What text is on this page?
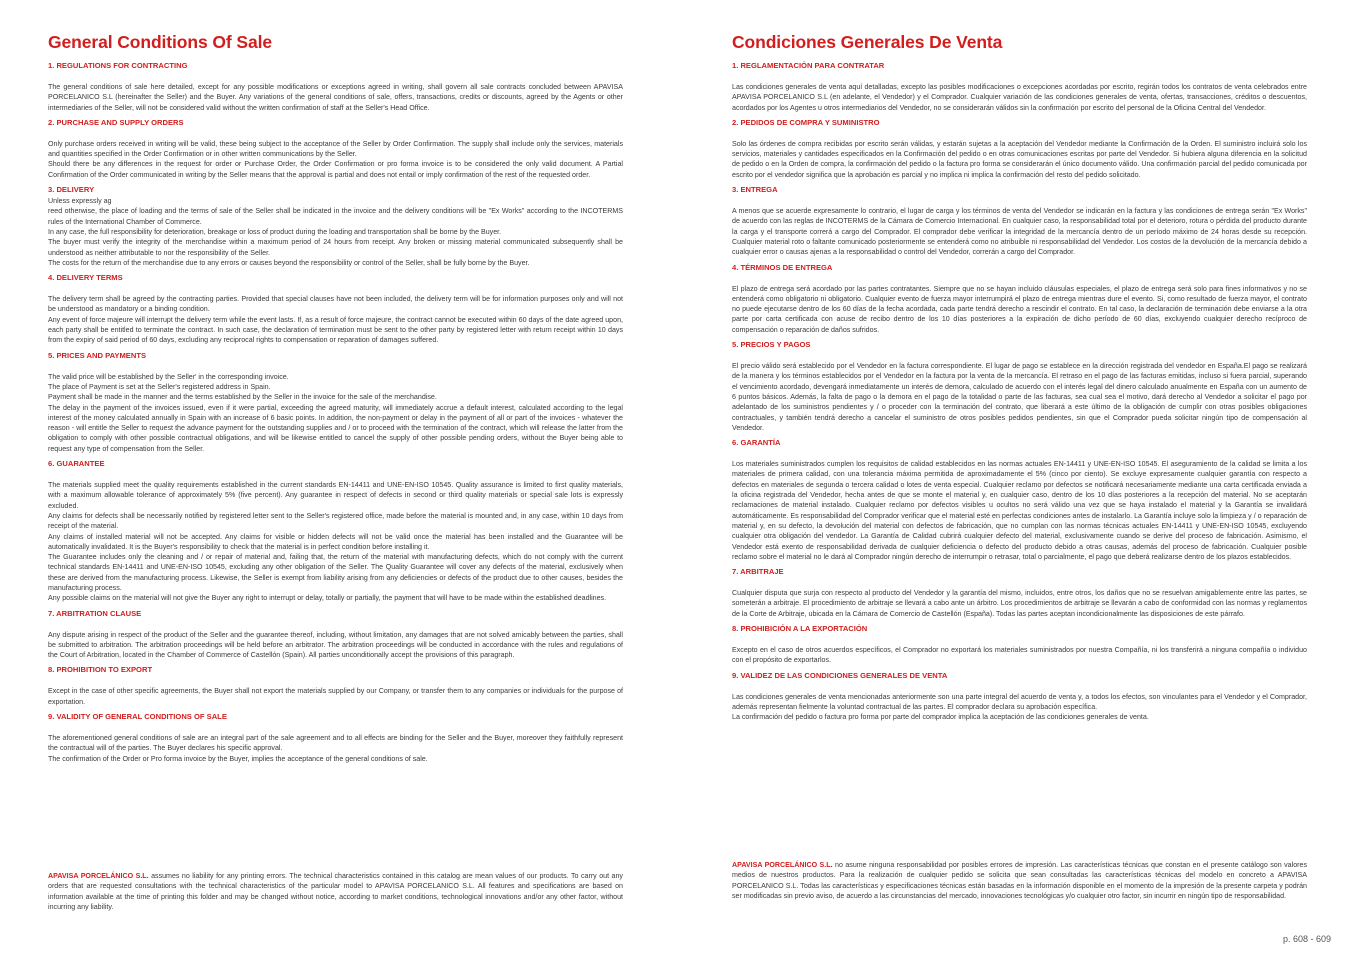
General Conditions Of Sale
1. REGULATIONS FOR CONTRACTING

The general conditions of sale here detailed, except for any possible modifications or exceptions agreed in writing, shall govern all sale contracts concluded between APAVISA PORCELANICO S.L (hereinafter the Seller) and the Buyer. Any variations of the general conditions of sale, offers, transactions, credits or discounts, agreed by the Agents or other intermediaries of the Seller, will not be considered valid without the written confirmation of staff at the Seller's Head Office.

2. PURCHASE AND SUPPLY ORDERS

Only purchase orders received in writing will be valid, these being subject to the acceptance of the Seller by Order Confirmation. The supply shall include only the services, materials and quantities specified in the Order Confirmation or in other written communications by the Seller.
Should there be any differences in the request for order or Purchase Order, the Order Confirmation or pro forma invoice is to be considered the only valid document. A Partial Confirmation of the Order communicated in writing by the Seller means that the approval is partial and does not entail or imply confirmation of the rest of the requested order.

3. DELIVERY

Unless expressly ag
reed otherwise, the place of loading and the terms of sale of the Seller shall be indicated in the invoice and the delivery conditions will be "Ex Works" according to the INCOTERMS rules of the International Chamber of Commerce.
In any case, the full responsibility for deterioration, breakage or loss of product during the loading and transportation shall be borne by the Buyer.
The buyer must verify the integrity of the merchandise within a maximum period of 24 hours from receipt. Any broken or missing material communicated subsequently shall be understood as neither attributable to nor the responsibility of the Seller.
The costs for the return of the merchandise due to any errors or causes beyond the responsibility or control of the Seller, shall be fully borne by the Buyer.

4. DELIVERY TERMS

The delivery term shall be agreed by the contracting parties. Provided that special clauses have not been included, the delivery term will be for information purposes only and will not be understood as mandatory or a binding condition.
Any event of force majeure will interrupt the delivery term while the event lasts. If, as a result of force majeure, the contract cannot be executed within 60 days of the date agreed upon, each party shall be entitled to terminate the contract. In such case, the declaration of termination must be sent to the other party by registered letter with return receipt within 10 days from the expiry of said period of 60 days, excluding any reciprocal rights to compensation or reparation of damages suffered.

5. PRICES AND PAYMENTS

The valid price will be established by the Seller' in the corresponding invoice.
The place of Payment is set at the Seller's registered address in Spain.
Payment shall be made in the manner and the terms established by the Seller in the invoice for the sale of the merchandise.
The delay in the payment of the invoices issued, even if it were partial, exceeding the agreed maturity, will immediately accrue a default interest, calculated according to the legal interest of the money calculated annually in Spain with an increase of 6 basic points. In addition, the non-payment or delay in the payment of all or part of the invoices - whatever the reason - will entitle the Seller to request the advance payment for the outstanding supplies and / or to proceed with the termination of the contract, which will release the latter from the obligation to comply with other possible contractual obligations, and will be likewise entitled to cancel the supply of other possible pending orders, without the Buyer being able to request any type of compensation from the Seller.

6. GUARANTEE

The materials supplied meet the quality requirements established in the current standards EN-14411 and UNE-EN-ISO 10545. Quality assurance is limited to first quality materials, with a maximum allowable tolerance of approximately 5% (five percent). Any guarantee in respect of defects in second or third quality materials or special sale lots is expressly excluded.
Any claims for defects shall be necessarily notified by registered letter sent to the Seller's registered office, made before the material is mounted and, in any case, within 10 days from receipt of the material.
Any claims of installed material will not be accepted. Any claims for visible or hidden defects will not be valid once the material has been installed and the Guarantee will be automatically invalidated. It is the Buyer's responsibility to check that the material is in perfect condition before installing it.
The Guarantee includes only the cleaning and / or repair of material and, failing that, the return of the material with manufacturing defects, which do not comply with the current technical standards EN-14411 and UNE-EN-ISO 10545, excluding any other obligation of the Seller. The Quality Guarantee will cover any defects of the material, exclusively when these are derived from the manufacturing process. Likewise, the Seller is exempt from liability arising from any deficiencies or defects of the product due to other causes, besides the manufacturing process.
Any possible claims on the material will not give the Buyer any right to interrupt or delay, totally or partially, the payment that will have to be made within the established deadlines.

7. ARBITRATION CLAUSE

Any dispute arising in respect of the product of the Seller and the guarantee thereof, including, without limitation, any damages that are not solved amicably between the parties, shall be submitted to arbitration. The arbitration proceedings will be held before an arbitrator. The arbitration proceedings will be conducted in accordance with the rules and regulations of the Court of Arbitration, located in the Chamber of Commerce of Castellón (Spain). All parties unconditionally accept the provisions of this paragraph.

8. PROHIBITION TO EXPORT

Except in the case of other specific agreements, the Buyer shall not export the materials supplied by our Company, or transfer them to any companies or individuals for the purpose of exportation.

9. VALIDITY OF GENERAL CONDITIONS OF SALE

The aforementioned general conditions of sale are an integral part of the sale agreement and to all effects are binding for the Seller and the Buyer, moreover they faithfully represent the contractual will of the parties. The Buyer declares his specific approval.
The confirmation of the Order or Pro forma invoice by the Buyer, implies the acceptance of the general conditions of sale.

APAVISA PORCELÁNICO S.L. assumes no liability for any printing errors. The technical characteristics contained in this catalog are mean values of our products. To carry out any orders that are requested consultations with the technical characteristics of the particular model to APAVISA PORCELANICO S.L. All features and specifications are based on information available at the time of printing this folder and may be changed without notice, according to market conditions, technological innovations and/or any other factor, without incurring any liability.
Condiciones Generales De Venta
1. REGLAMENTACIÓN PARA CONTRATAR

Las condiciones generales de venta aquí detalladas, excepto las posibles modificaciones o excepciones acordadas por escrito, regirán todos los contratos de venta celebrados entre APAVISA PORCELANICO S.L (en adelante, el Vendedor) y el Comprador. Cualquier variación de las condiciones generales de venta, ofertas, transacciones, créditos o descuentos, acordados por los Agentes u otros intermediarios del Vendedor, no se considerarán válidos sin la confirmación por escrito del personal de la Oficina Central del Vendedor.

2. PEDIDOS DE COMPRA Y SUMINISTRO

Solo las órdenes de compra recibidas por escrito serán válidas, y estarán sujetas a la aceptación del Vendedor mediante la Confirmación de la Orden. El suministro incluirá solo los servicios, materiales y cantidades especificados en la Confirmación del pedido o en otras comunicaciones escritas por parte del Vendedor. Si hubiera alguna diferencia en la solicitud de pedido o en la Orden de compra, la confirmación del pedido o la factura pro forma se considerarán el único documento válido. Una confirmación parcial del pedido comunicada por escrito por el vendedor significa que la aprobación es parcial y no implica ni implica la confirmación del resto del pedido solicitado.

3. ENTREGA

A menos que se acuerde expresamente lo contrario, el lugar de carga y los términos de venta del Vendedor se indicarán en la factura y las condiciones de entrega serán "Ex Works" de acuerdo con las reglas de INCOTERMS de la Cámara de Comercio Internacional. En cualquier caso, la responsabilidad total por el deterioro, rotura o pérdida del producto durante la carga y el transporte correrá a cargo del Comprador. El comprador debe verificar la integridad de la mercancía dentro de un período máximo de 24 horas desde su recepción. Cualquier material roto o faltante comunicado posteriormente se entenderá como no atribuible ni responsabilidad del Vendedor. Los costos de la devolución de la mercancía debido a cualquier error o causas ajenas a la responsabilidad o control del Vendedor, correrán a cargo del Comprador.

4. TÉRMINOS DE ENTREGA

El plazo de entrega será acordado por las partes contratantes. Siempre que no se hayan incluido cláusulas especiales, el plazo de entrega será solo para fines informativos y no se entenderá como obligatorio ni obligatorio. Cualquier evento de fuerza mayor interrumpirá el plazo de entrega mientras dure el evento. Si, como resultado de fuerza mayor, el contrato no puede ejecutarse dentro de los 60 días de la fecha acordada, cada parte tendrá derecho a rescindir el contrato. En tal caso, la declaración de terminación debe enviarse a la otra parte por carta certificada con acuse de recibo dentro de los 10 días posteriores a la expiración de dicho período de 60 días, excluyendo cualquier derecho recíproco de compensación o reparación de daños sufridos.

5. PRECIOS Y PAGOS

El precio válido será establecido por el Vendedor en la factura correspondiente. El lugar de pago se establece en la dirección registrada del vendedor en España.El pago se realizará de la manera y los términos establecidos por el Vendedor en la factura por la venta de la mercancía. El retraso en el pago de las facturas emitidas, incluso si fuera parcial, superando el vencimiento acordado, devengará inmediatamente un interés de demora, calculado de acuerdo con el interés legal del dinero calculado anualmente en España con un aumento de 6 puntos básicos. Además, la falta de pago o la demora en el pago de la totalidad o parte de las facturas, sea cual sea el motivo, dará derecho al Vendedor a solicitar el pago por adelantado de los suministros pendientes y / o proceder con la terminación del contrato, que liberará a este último de la obligación de cumplir con otras posibles obligaciones contractuales, y también tendrá derecho a cancelar el suministro de otros posibles pedidos pendientes, sin que el Comprador pueda solicitar ningún tipo de compensación al Vendedor.

6. GARANTÍA

Los materiales suministrados cumplen los requisitos de calidad establecidos en las normas actuales EN-14411 y UNE-EN-ISO 10545. El aseguramiento de la calidad se limita a los materiales de primera calidad, con una tolerancia máxima permitida de aproximadamente el 5% (cinco por ciento). Se excluye expresamente cualquier garantía con respecto a defectos en materiales de segunda o tercera calidad o lotes de venta especial. Cualquier reclamo por defectos se notificará necesariamente mediante una carta certificada enviada a la oficina registrada del Vendedor, hecha antes de que se monte el material y, en cualquier caso, dentro de los 10 días posteriores a la recepción del material. No se aceptarán reclamaciones de material instalado. Cualquier reclamo por defectos visibles u ocultos no será válido una vez que se haya instalado el material y la Garantía se invalidará automáticamente. Es responsabilidad del Comprador verificar que el material esté en perfectas condiciones antes de instalarlo. La Garantía incluye solo la limpieza y / o reparación de material y, en su defecto, la devolución del material con defectos de fabricación, que no cumplan con las normas técnicas actuales EN-14411 y UNE-EN-ISO 10545, excluyendo cualquier otra obligación del vendedor. La Garantía de Calidad cubrirá cualquier defecto del material, exclusivamente cuando se derive del proceso de fabricación. Asimismo, el Vendedor está exento de responsabilidad derivada de cualquier deficiencia o defecto del producto debido a otras causas, además del proceso de fabricación. Cualquier posible reclamo sobre el material no le dará al Comprador ningún derecho de interrumpir o retrasar, total o parcialmente, el pago que deberá realizarse dentro de los plazos establecidos.

7. ARBITRAJE

Cualquier disputa que surja con respecto al producto del Vendedor y la garantía del mismo, incluidos, entre otros, los daños que no se resuelvan amigablemente entre las partes, se someterán a arbitraje. El procedimiento de arbitraje se llevará a cabo ante un árbitro. Los procedimientos de arbitraje se llevarán a cabo de conformidad con las normas y reglamentos de la Corte de Arbitraje, ubicada en la Cámara de Comercio de Castellón (España). Todas las partes aceptan incondicionalmente las disposiciones de este párrafo.

8. PROHIBICIÓN A LA EXPORTACIÓN

Excepto en el caso de otros acuerdos específicos, el Comprador no exportará los materiales suministrados por nuestra Compañía, ni los transferirá a ninguna compañía o individuo con el propósito de exportarlos.

9. VALIDEZ DE LAS CONDICIONES GENERALES DE VENTA

Las condiciones generales de venta mencionadas anteriormente son una parte integral del acuerdo de venta y, a todos los efectos, son vinculantes para el Vendedor y el Comprador, además representan fielmente la voluntad contractual de las partes. El comprador declara su aprobación específica.
La confirmación del pedido o factura pro forma por parte del comprador implica la aceptación de las condiciones generales de venta.

APAVISA PORCELÁNICO S.L. no asume ninguna responsabilidad por posibles errores de impresión. Las características técnicas que constan en el presente catálogo son valores medios de nuestros productos. Para la realización de cualquier pedido se solicita que sean consultadas las características técnicas del modelo en concreto a APAVISA PORCELANICO S.L. Todas las características y especificaciones técnicas están basadas en la información disponible en el momento de la impresión de la presente carpeta y podrán ser modificadas sin previo aviso, de acuerdo a las circunstancias del mercado, innovaciones tecnológicas y/o cualquier otro factor, sin incurrir en ningún tipo de responsabilidad.
p. 608 - 609
